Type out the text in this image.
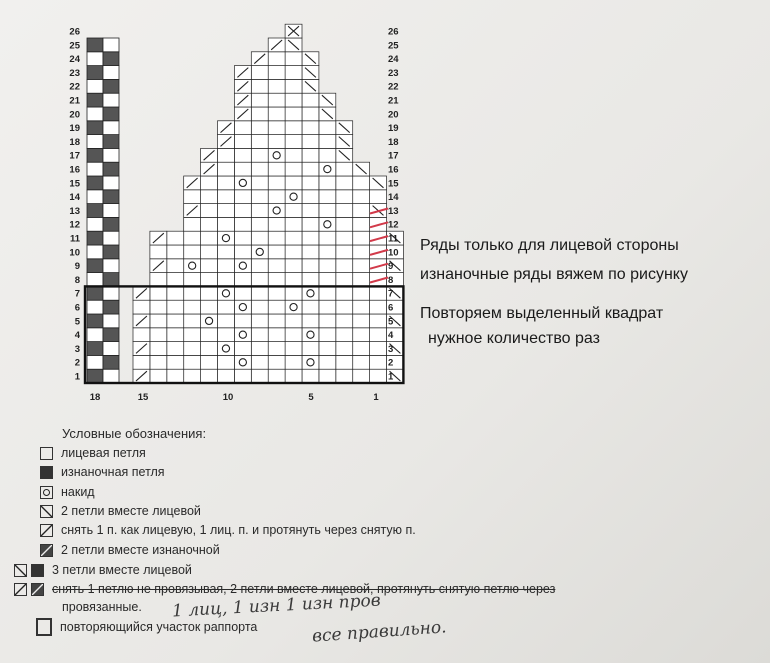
1	1
2	2
3	3
4	4
5	5
6	6
7	7
8	8
9	9
10	10
11	11
12	12
13	13
14	14
15	15
16	16
17	17
18	18
19	19
20	20
21	21
22	22
23	23
24	24
25	25
26	26
18	15	10	5	1
Ряды только для лицевой стороны
изнаночные ряды вяжем по рисунку
Повторяем выделенный квадрат
нужное количество раз
Условные обозначения:
лицевая петля
изнаночная петля
накид
2 петли вместе лицевой
снять 1 п. как лицевую, 1 лиц. п. и протянуть через снятую п.
2 петли вместе изнаночной
3 петли вместе лицевой
снять 1 петлю не провязывая, 2 петли вместе лицевой, протянуть снятую петлю через
провязанные.
повторяющийся участок раппорта
1 лиц, 1 изн 1 изн пров
все правильно.
